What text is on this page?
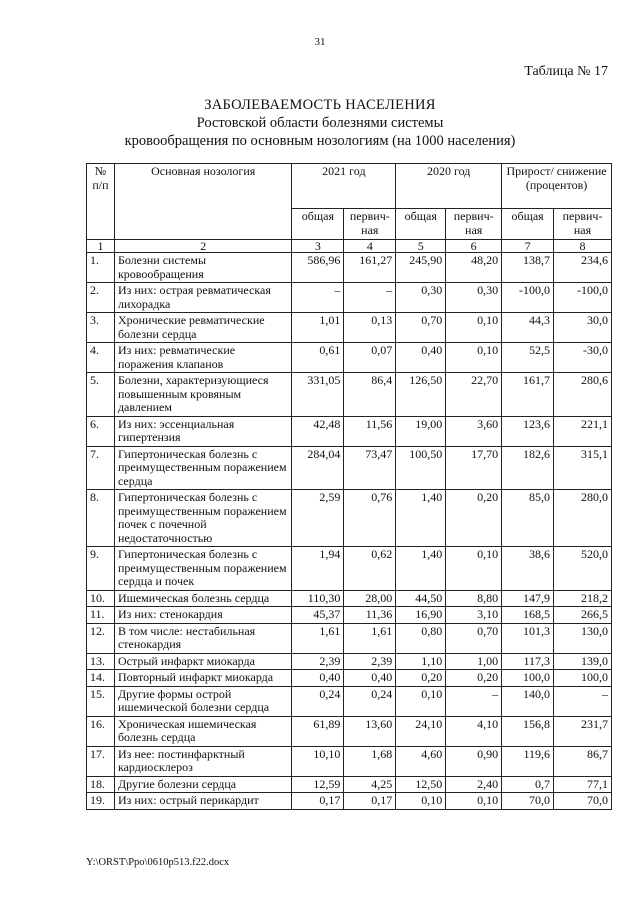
31
Таблица № 17
ЗАБОЛЕВАЕМОСТЬ НАСЕЛЕНИЯ
Ростовской области болезнями системы
кровообращения по основным нозологиям (на 1000 населения)
№ п/п	Основная нозология	2021 год		2020 год		Прирост/ снижение (процентов)	
		общая	первич-ная	общая	первич-ная	общая	первич-ная
1	2	3	4	5	6	7	8
1.	Болезни системы кровообращения	586,96	161,27	245,90	48,20	138,7	234,6
2.	Из них: острая ревматическая лихорадка	–	–	0,30	0,30	-100,0	-100,0
3.	Хронические ревматические болезни сердца	1,01	0,13	0,70	0,10	44,3	30,0
4.	Из них: ревматические поражения клапанов	0,61	0,07	0,40	0,10	52,5	-30,0
5.	Болезни, характеризующиеся повышенным кровяным давлением	331,05	86,4	126,50	22,70	161,7	280,6
6.	Из них: эссенциальная гипертензия	42,48	11,56	19,00	3,60	123,6	221,1
7.	Гипертоническая болезнь с преимущественным поражением сердца	284,04	73,47	100,50	17,70	182,6	315,1
8.	Гипертоническая болезнь с преимущественным поражением почек с почечной недостаточностью	2,59	0,76	1,40	0,20	85,0	280,0
9.	Гипертоническая болезнь с преимущественным поражением сердца и почек	1,94	0,62	1,40	0,10	38,6	520,0
10.	Ишемическая болезнь сердца	110,30	28,00	44,50	8,80	147,9	218,2
11.	Из них: стенокардия	45,37	11,36	16,90	3,10	168,5	266,5
12.	В том числе: нестабильная стенокардия	1,61	1,61	0,80	0,70	101,3	130,0
13.	Острый инфаркт миокарда	2,39	2,39	1,10	1,00	117,3	139,0
14.	Повторный инфаркт миокарда	0,40	0,40	0,20	0,20	100,0	100,0
15.	Другие формы острой ишемической болезни сердца	0,24	0,24	0,10	–	140,0	–
16.	Хроническая ишемическая болезнь сердца	61,89	13,60	24,10	4,10	156,8	231,7
17.	Из нее: постинфарктный кардиосклероз	10,10	1,68	4,60	0,90	119,6	86,7
18.	Другие болезни сердца	12,59	4,25	12,50	2,40	0,7	77,1
19.	Из них: острый перикардит	0,17	0,17	0,10	0,10	70,0	70,0
Y:\ORST\Ppo\0610p513.f22.docx
